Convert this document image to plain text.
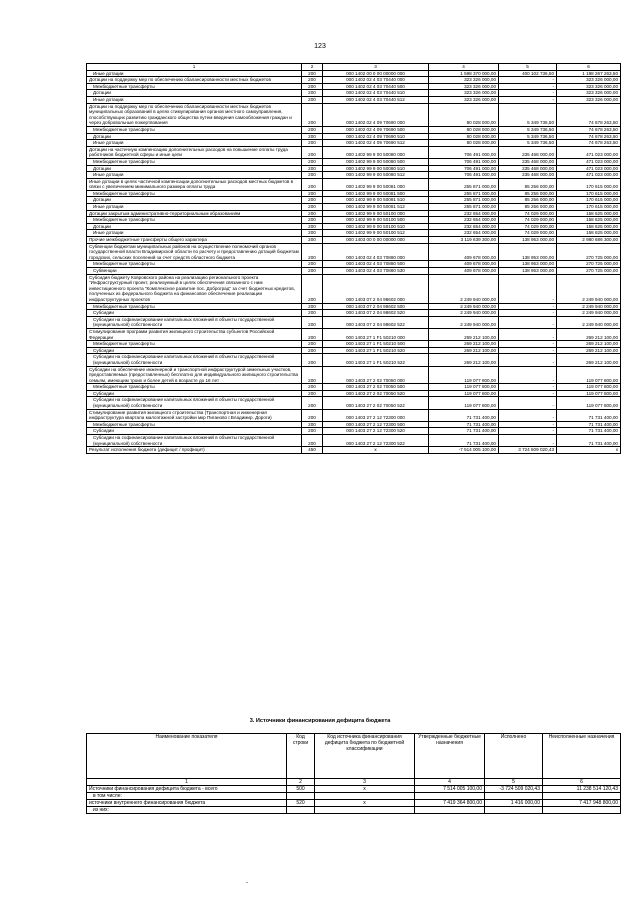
123
1	2	3	4	5	6
Иные дотации	200	000 1402 00 0 00 00000 000	1 598 370 000,00	400 102 736,50	1 198 267 263,50
Дотации на поддержку мер по обеспечению сбалансированности местных бюджетов	200	000 1402 02 4 03 70440 000	323 326 000,00	-	323 326 000,00
Межбюджетные трансферты	200	000 1402 02 4 03 70440 500	323 326 000,00	-	323 326 000,00
Дотации	200	000 1402 02 4 03 70440 510	323 326 000,00	-	323 326 000,00
Иные дотации	200	000 1402 02 4 03 70440 512	323 326 000,00	-	323 326 000,00
Дотации на поддержку мер по обеспечению сбалансированности местных бюджетов муниципальных образований в целях стимулирования органов местного самоуправления, способствующих развитию гражданского общества путем введения самообложения граждан и через добровольные пожертвования	200	000 1402 02 4 09 70690 000	80 028 000,00	5 349 736,50	74 678 263,50
Межбюджетные трансферты	200	000 1402 02 4 09 70690 500	80 028 000,00	5 349 736,50	74 678 263,50
Дотации	200	000 1402 02 4 09 70690 510	80 028 000,00	5 349 736,50	74 678 263,50
Иные дотации	200	000 1402 02 4 09 70690 512	80 028 000,00	5 349 736,50	74 678 263,50
Дотации на частичную компенсацию дополнительных расходов на повышение оплаты труда работников бюджетной сферы и иные цели	200	000 1402 99 9 00 50080 000	706 491 000,00	235 468 000,00	471 023 000,00
Межбюджетные трансферты	200	000 1402 99 9 00 50080 500	706 491 000,00	235 468 000,00	471 023 000,00
Дотации	200	000 1402 99 9 00 50080 510	706 491 000,00	235 468 000,00	471 023 000,00
Иные дотации	200	000 1402 99 9 00 50080 512	706 491 000,00	235 468 000,00	471 023 000,00
Иные дотации в целях частичной компенсации дополнительных расходов местных бюджетов в связи с увеличением минимального размера оплаты труда	200	000 1402 99 9 00 50081 000	255 871 000,00	85 256 000,00	170 615 000,00
Межбюджетные трансферты	200	000 1402 99 9 00 50081 500	255 871 000,00	85 256 000,00	170 615 000,00
Дотации	200	000 1402 99 9 00 50081 510	255 871 000,00	85 256 000,00	170 615 000,00
Иные дотации	200	000 1402 99 9 00 50081 512	255 871 000,00	85 256 000,00	170 615 000,00
Дотации закрытым административно-территориальным образованиям	200	000 1402 99 9 00 50100 000	232 654 000,00	74 029 000,00	158 625 000,00
Межбюджетные трансферты	200	000 1402 99 9 00 50100 500	232 654 000,00	74 029 000,00	158 625 000,00
Дотации	200	000 1402 99 9 00 50100 510	232 654 000,00	74 029 000,00	158 625 000,00
Иные дотации	200	000 1402 99 9 00 50100 512	232 654 000,00	74 029 000,00	158 625 000,00
Прочие межбюджетные трансферты общего характера	200	000 1403 00 0 00 00000 000	3 119 639 300,00	138 953 000,00	2 980 686 300,00
Субвенции бюджетам муниципальных районов на осуществление полномочий органов государственной власти Владимирской области по расчету и предоставлению дотаций бюджетам городских, сельских поселений за счет средств областного бюджета	200	000 1403 02 4 03 70880 000	409 678 000,00	138 953 000,00	270 725 000,00
Межбюджетные трансферты	200	000 1403 02 4 03 70880 500	409 678 000,00	138 953 000,00	270 725 000,00
Субвенции	200	000 1403 02 4 03 70880 530	409 678 000,00	138 953 000,00	270 725 000,00
Субсидия бюджету Ковровского района на реализацию регионального проекта "Инфраструктурный проект, реализуемый в целях обеспечения связанного с ним инвестиционного проекта "Комплексное развитие пос. Доброград" за счет бюджетных кредитов, полученных из федерального бюджета на финансовое обеспечение реализации инфраструктурных проектов	200	000 1403 07 2 04 98602 000	2 249 940 000,00	-	2 249 940 000,00
Межбюджетные трансферты	200	000 1403 07 2 04 98602 500	2 249 940 000,00	-	2 249 940 000,00
Субсидии	200	000 1403 07 2 04 98602 520	2 249 940 000,00	-	2 249 940 000,00
Субсидии на софинансирование капитальных вложений в объекты государственной (муниципальной) собственности	200	000 1403 07 2 04 98602 522	2 249 940 000,00	-	2 249 940 000,00
Стимулирование программ развития жилищного строительства субъектов Российской Федерации	200	000 1403 27 1 F1 50210 000	269 212 100,00	-	269 212 100,00
Межбюджетные трансферты	200	000 1403 27 1 F1 50210 500	269 212 100,00	-	269 212 100,00
Субсидии	200	000 1403 27 1 F1 50210 520	269 212 100,00	-	269 212 100,00
Субсидии на софинансирование капитальных вложений в объекты государственной (муниципальной) собственности	200	000 1403 27 1 F1 50210 522	269 212 100,00	-	269 212 100,00
Субсидии на обеспечение инженерной и транспортной инфраструктурой земельных участков, предоставляемых (предоставленных) бесплатно для индивидуального жилищного строительства семьям, имеющим троих и более детей в возрасте до 18 лет	200	000 1403 27 2 02 70050 000	119 077 800,00	-	119 077 800,00
Межбюджетные трансферты	200	000 1403 27 2 02 70050 500	119 077 800,00	-	119 077 800,00
Субсидии	200	000 1403 27 2 02 70050 520	119 077 800,00	-	119 077 800,00
Субсидии на софинансирование капитальных вложений в объекты государственной (муниципальной) собственности	200	000 1403 27 2 02 70050 522	119 077 800,00	-	119 077 800,00
Стимулирование развития жилищного строительства (Транспортная и инженерная инфраструктура квартала малоэтажной застройки мкр Пиганово г.Владимир. Дороги)	200	000 1403 27 2 12 72300 000	71 731 400,00	-	71 731 400,00
Межбюджетные трансферты	200	000 1403 27 2 12 72300 500	71 731 400,00	-	71 731 400,00
Субсидии	200	000 1403 27 2 12 72300 520	71 731 400,00	-	71 731 400,00
Субсидии на софинансирование капитальных вложений в объекты государственной (муниципальной) собственности	200	000 1403 27 2 12 72300 522	71 731 400,00	-	71 731 400,00
Результат исполнения бюджета (дефицит / профицит)	450	x	-7 514 005 100,00	3 724 509 020,43	x
3. Источники финансирования дефицита бюджета
Наименование показателя	Код строки	Код источника финансирования дефицита бюджета по бюджетной классификации	Утвержденные бюджетные назначения	Исполнено	Неисполненные назначения
1	2	3	4	5	6
Источники финансирования дефицита бюджета - всего	500	x	7 514 005 100,00	-3 724 509 020,43	11 238 514 120,43
в том числе:					
источники внутреннего финансирования бюджета	520	x	7 419 364 800,00	1 416 000,00	7 417 948 800,00
из них:					
-
